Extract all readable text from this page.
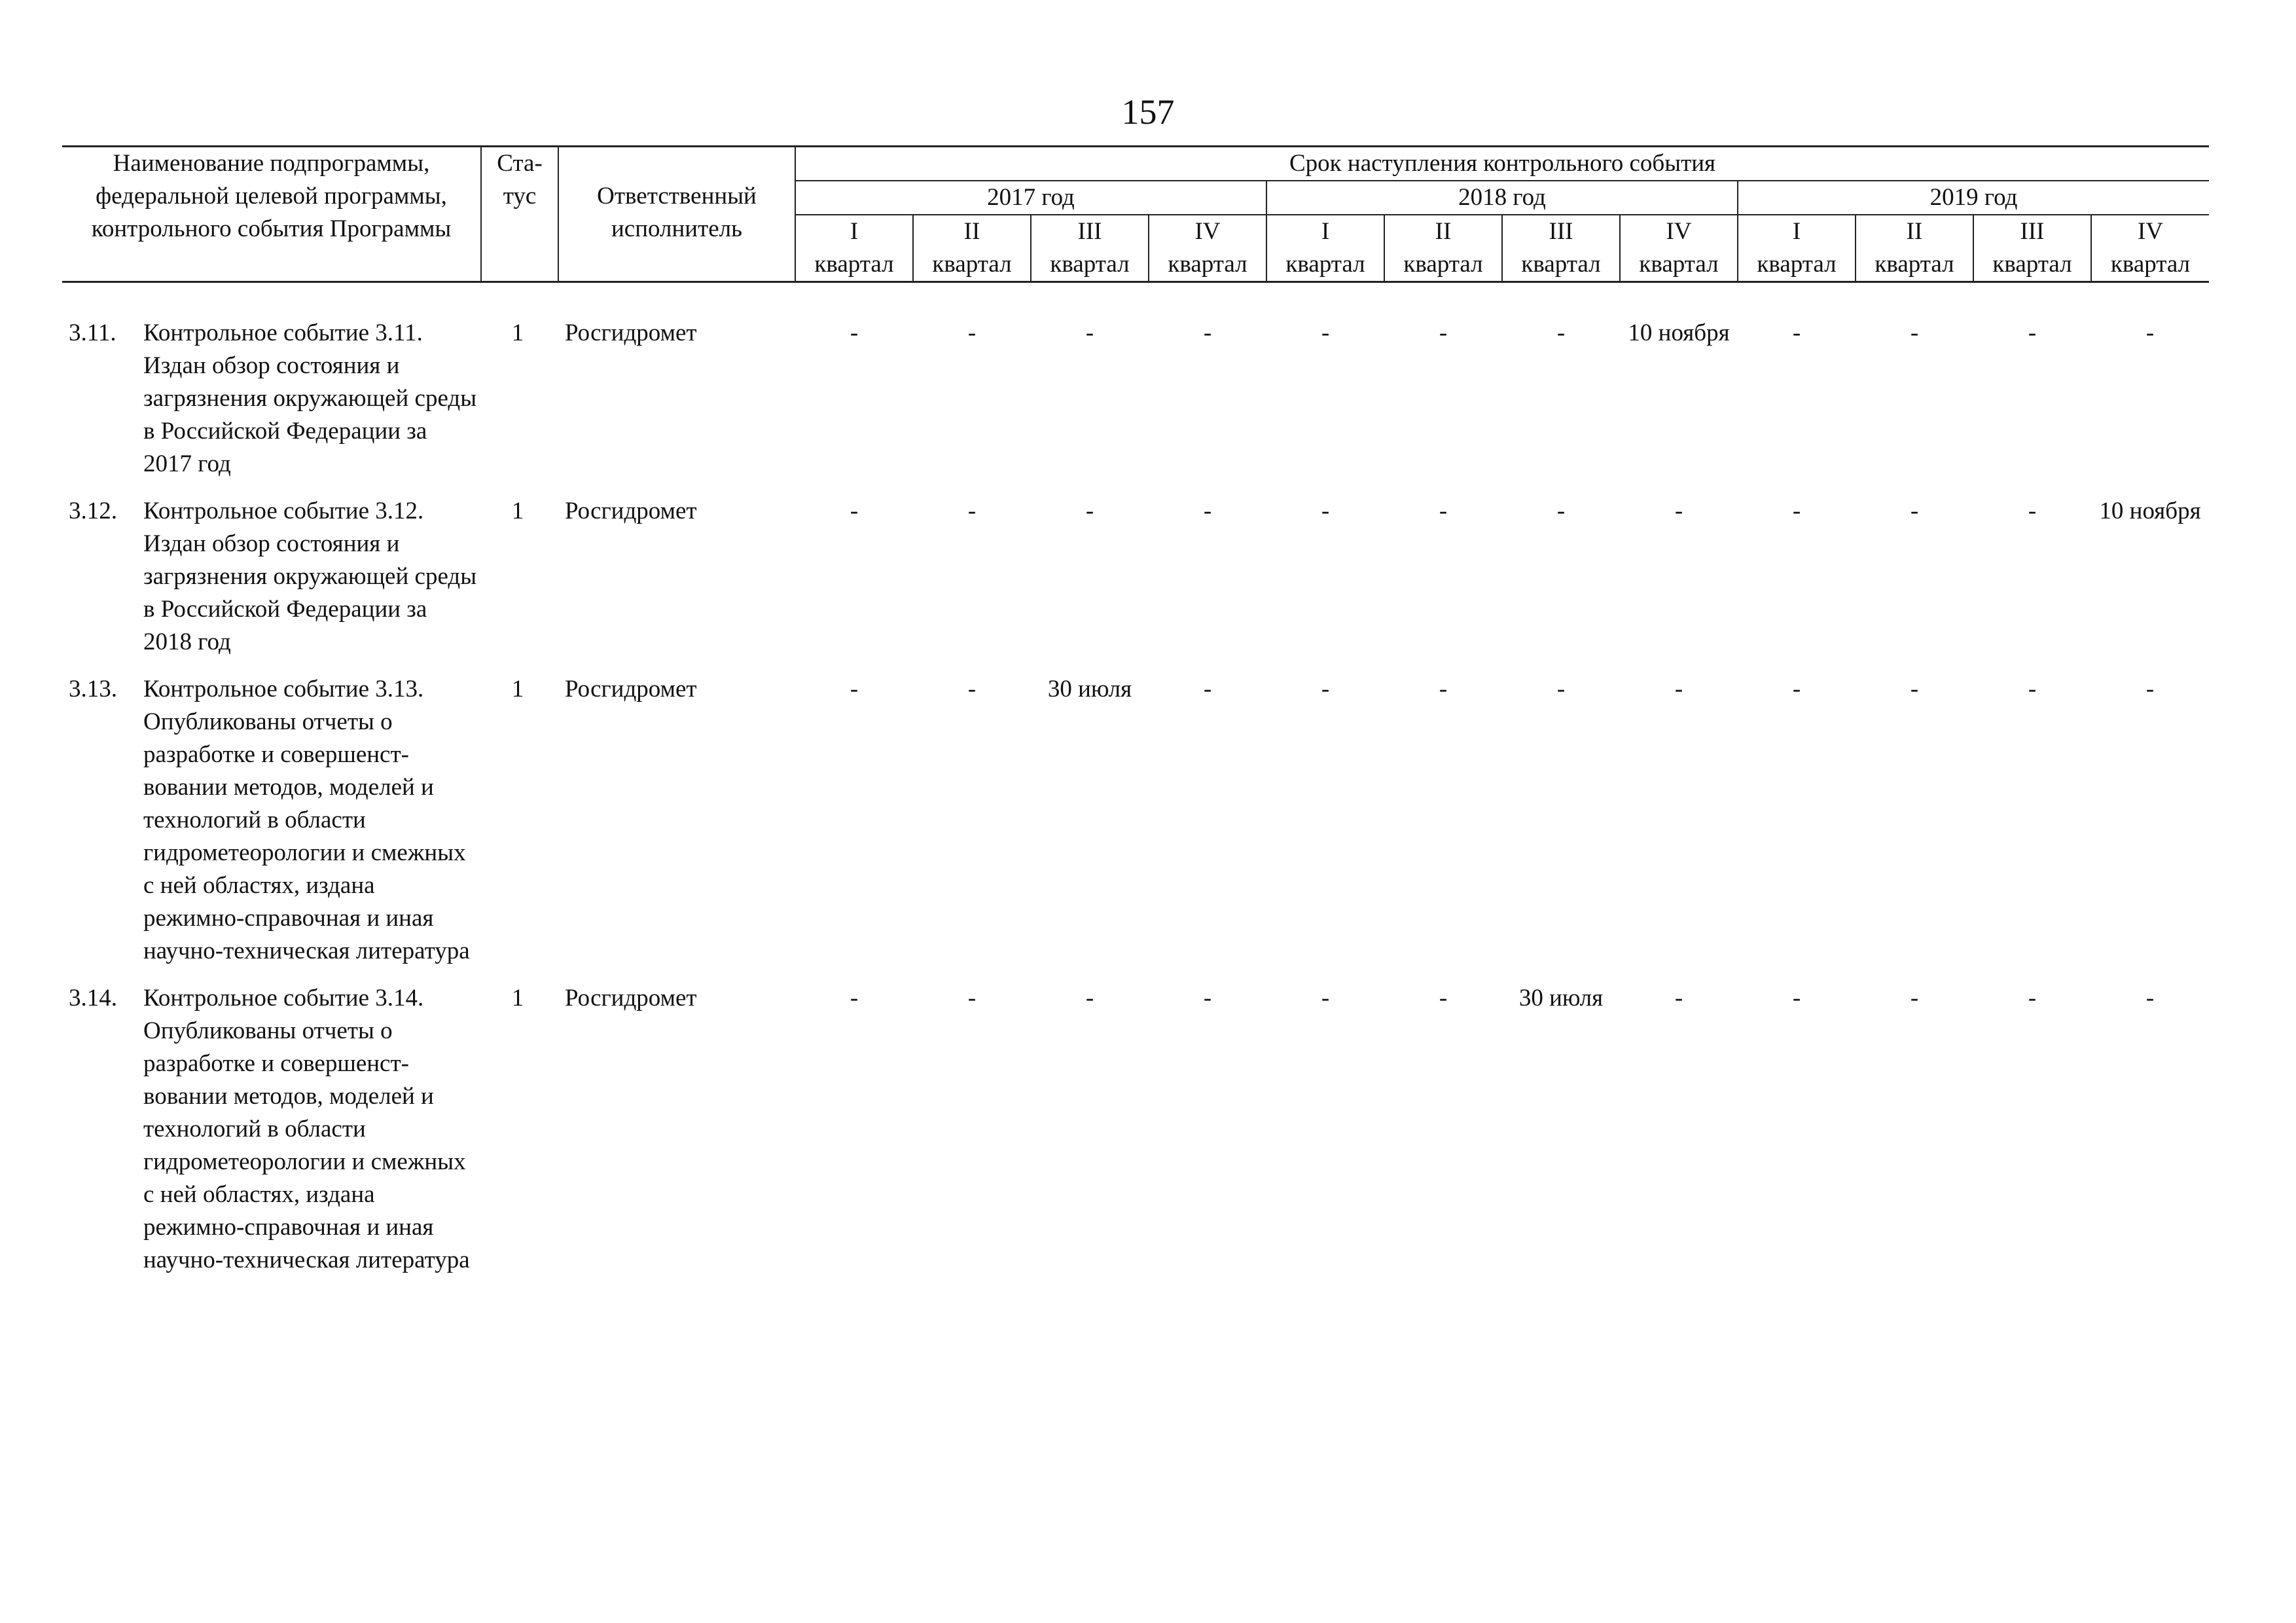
157
Наименование подпрограммы, федеральной целевой программы, контрольного события Программы	Ста-тус	Ответственный исполнитель	Срок наступления контрольного события											
			2017 год				2018 год				2019 год			
			I	II	III	IV	I	II	III	IV	I	II	III	IV
			квартал	квартал	квартал	квартал	квартал	квартал	квартал	квартал	квартал	квартал	квартал	квартал

3.11. Контрольное событие 3.11. Издан обзор состояния и загрязнения окружающей среды в Российской Федерации за 2017 год	1	Росгидромет	-	-	-	-	-	-	-	10 ноября	-	-	-	-

3.12. Контрольное событие 3.12. Издан обзор состояния и загрязнения окружающей среды в Российской Федерации за 2018 год	1	Росгидромет	-	-	-	-	-	-	-	-	-	-	-	10 ноября

3.13. Контрольное событие 3.13. Опубликованы отчеты о разработке и совершенст-вовании методов, моделей и технологий в области гидрометеорологии и смежных с ней областях, издана режимно-справочная и иная научно-техническая литература	1	Росгидромет	-	-	30 июля	-	-	-	-	-	-	-	-	-

3.14. Контрольное событие 3.14. Опубликованы отчеты о разработке и совершенст-вовании методов, моделей и технологий в области гидрометеорологии и смежных с ней областях, издана режимно-справочная и иная научно-техническая литература	1	Росгидромет	-	-	-	-	-	-	30 июля	-	-	-	-	-
